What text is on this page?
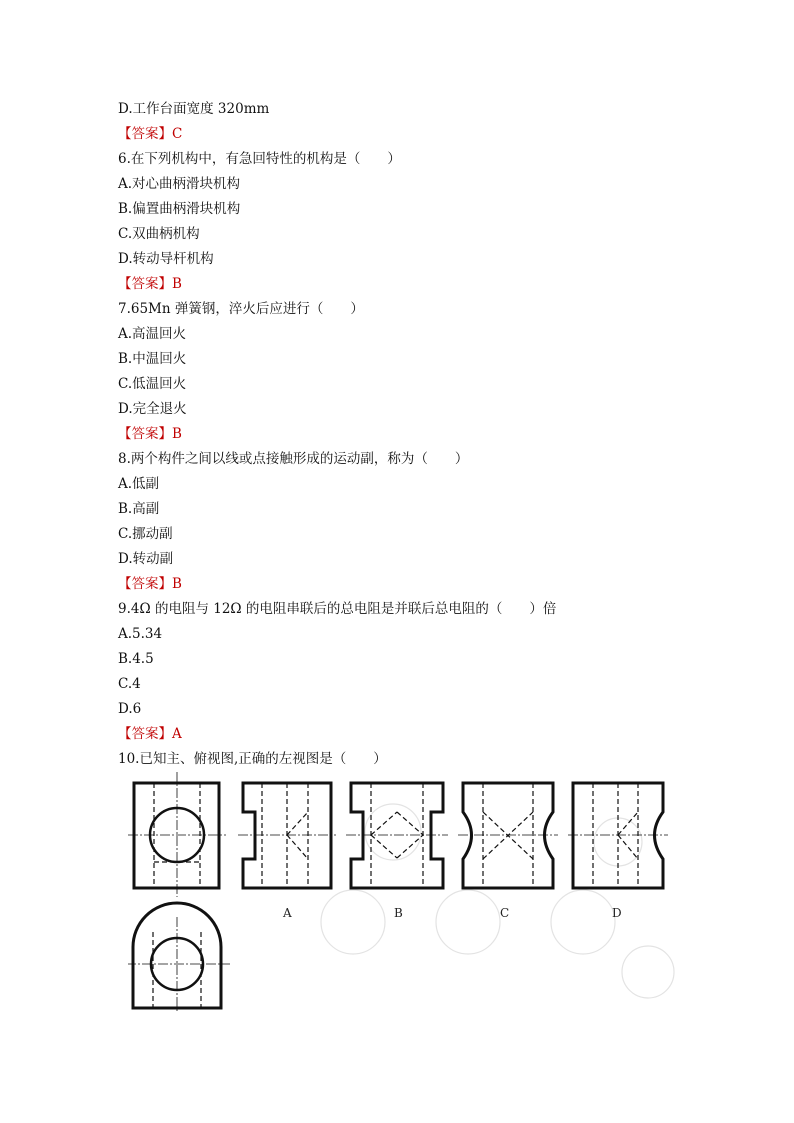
D.工作台面宽度 320mm
【答案】C
6.在下列机构中，有急回特性的机构是（　　）
A.对心曲柄滑块机构
B.偏置曲柄滑块机构
C.双曲柄机构
D.转动导杆机构
【答案】B
7.65Mn 弹簧钢，淬火后应进行（　　）
A.高温回火
B.中温回火
C.低温回火
D.完全退火
【答案】B
8.两个构件之间以线或点接触形成的运动副，称为（　　）
A.低副
B.高副
C.挪动副
D.转动副
【答案】B
9.4Ω 的电阻与 12Ω 的电阻串联后的总电阻是并联后总电阻的（　　）倍
A.5.34
B.4.5
C.4
D.6
【答案】A
10.已知主、俯视图,正确的左视图是（　　）
A	B	C	D
